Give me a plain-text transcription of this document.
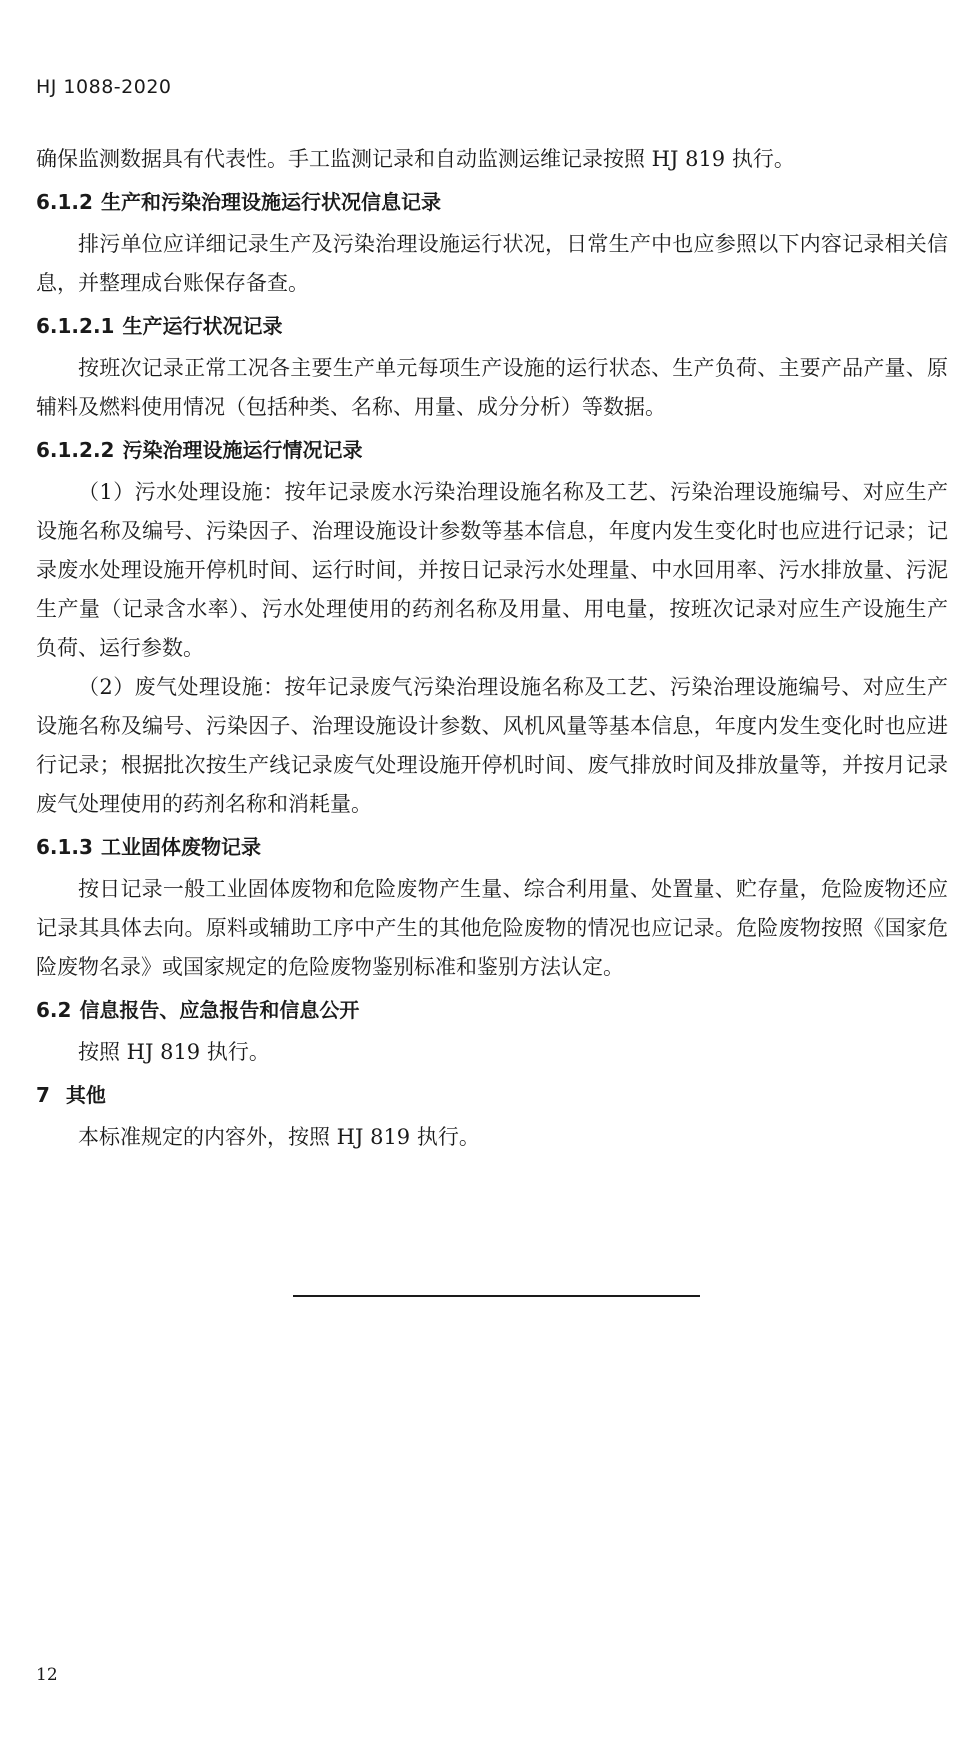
HJ 1088-2020

确保监测数据具有代表性。手工监测记录和自动监测运维记录按照 HJ 819 执行。

6.1.2 生产和污染治理设施运行状况信息记录

排污单位应详细记录生产及污染治理设施运行状况，日常生产中也应参照以下内容记录相关信息，并整理成台账保存备查。

6.1.2.1 生产运行状况记录

按班次记录正常工况各主要生产单元每项生产设施的运行状态、生产负荷、主要产品产量、原辅料及燃料使用情况（包括种类、名称、用量、成分分析）等数据。

6.1.2.2 污染治理设施运行情况记录

（1）污水处理设施：按年记录废水污染治理设施名称及工艺、污染治理设施编号、对应生产设施名称及编号、污染因子、治理设施设计参数等基本信息，年度内发生变化时也应进行记录；记录废水处理设施开停机时间、运行时间，并按日记录污水处理量、中水回用率、污水排放量、污泥生产量（记录含水率）、污水处理使用的药剂名称及用量、用电量，按班次记录对应生产设施生产负荷、运行参数。

（2）废气处理设施：按年记录废气污染治理设施名称及工艺、污染治理设施编号、对应生产设施名称及编号、污染因子、治理设施设计参数、风机风量等基本信息，年度内发生变化时也应进行记录；根据批次按生产线记录废气处理设施开停机时间、废气排放时间及排放量等，并按月记录废气处理使用的药剂名称和消耗量。

6.1.3 工业固体废物记录

按日记录一般工业固体废物和危险废物产生量、综合利用量、处置量、贮存量，危险废物还应记录其具体去向。原料或辅助工序中产生的其他危险废物的情况也应记录。危险废物按照《国家危险废物名录》或国家规定的危险废物鉴别标准和鉴别方法认定。

6.2 信息报告、应急报告和信息公开

按照 HJ 819 执行。

7 其他

本标准规定的内容外，按照 HJ 819 执行。

12
